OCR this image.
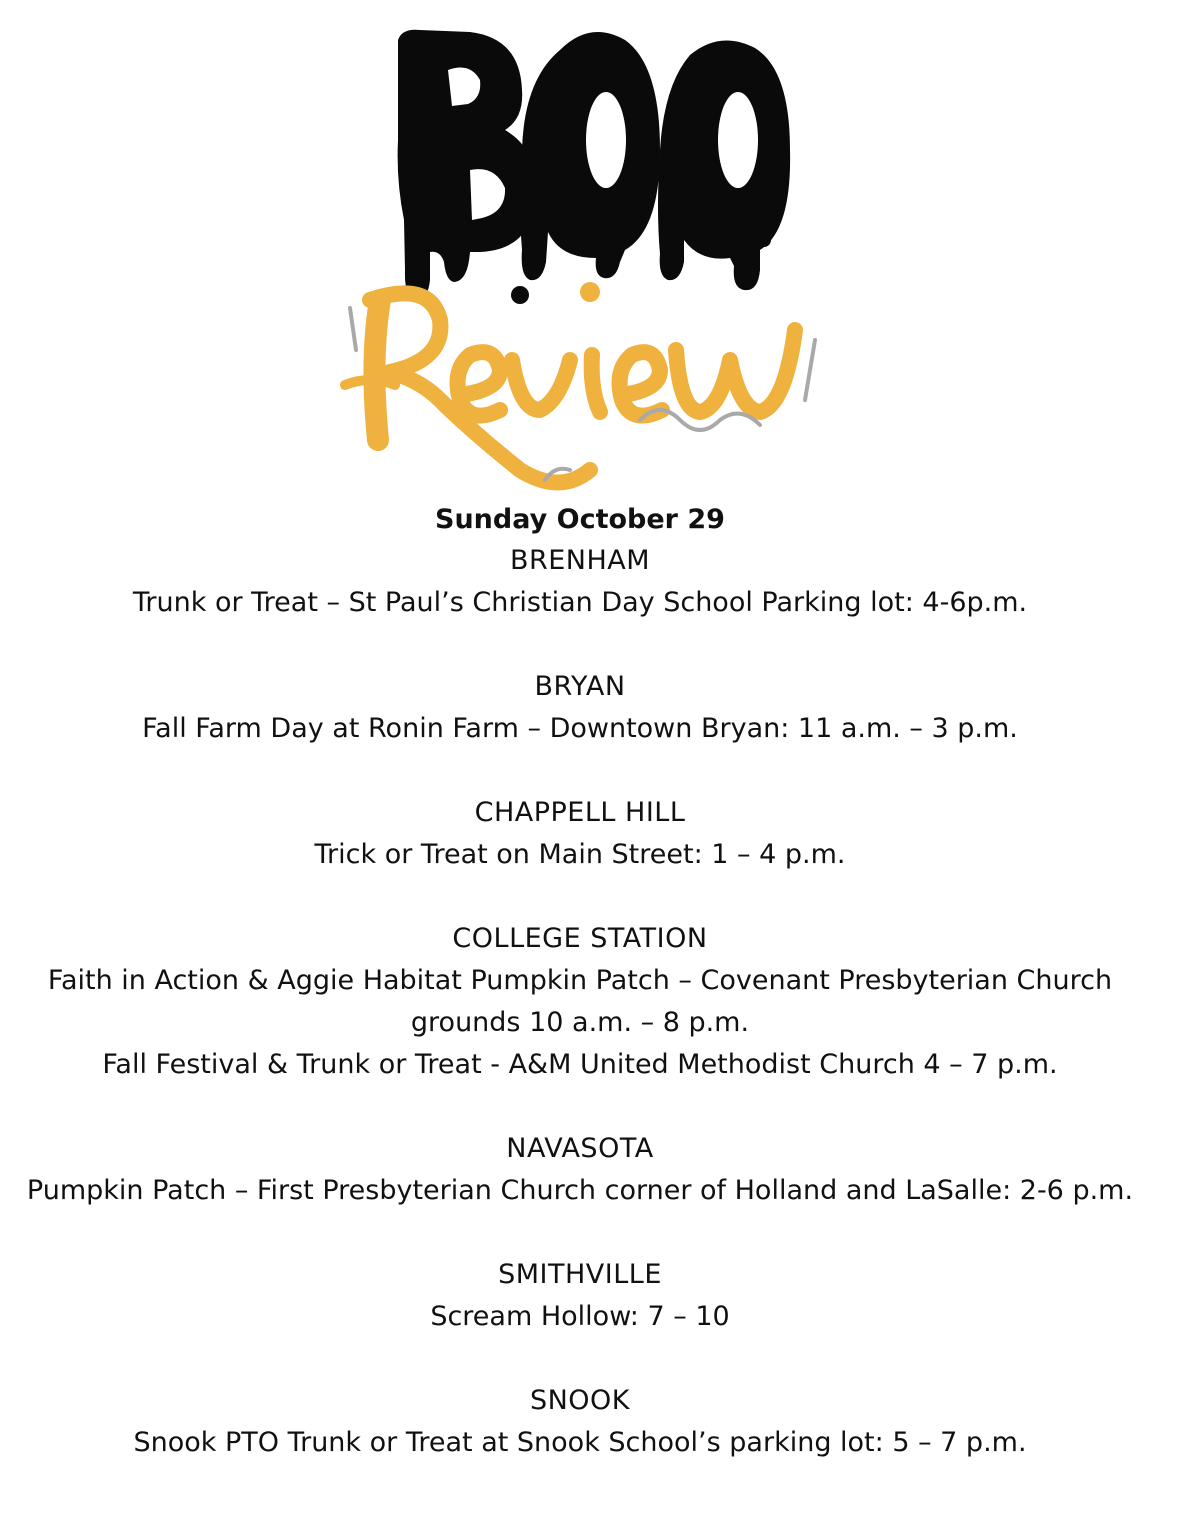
Sunday October 29

BRENHAM

Trunk or Treat – St Paul’s Christian Day School Parking lot: 4-6p.m.

BRYAN

Fall Farm Day at Ronin Farm – Downtown Bryan: 11 a.m. – 3 p.m.

CHAPPELL HILL

Trick or Treat on Main Street: 1 – 4 p.m.

COLLEGE STATION

Faith in Action & Aggie Habitat Pumpkin Patch – Covenant Presbyterian Church grounds 10 a.m. – 8 p.m.

Fall Festival & Trunk or Treat - A&M United Methodist Church 4 – 7 p.m.

NAVASOTA

Pumpkin Patch – First Presbyterian Church corner of Holland and LaSalle: 2-6 p.m.

SMITHVILLE

Scream Hollow: 7 – 10

SNOOK

Snook PTO Trunk or Treat at Snook School’s parking lot: 5 – 7 p.m.
